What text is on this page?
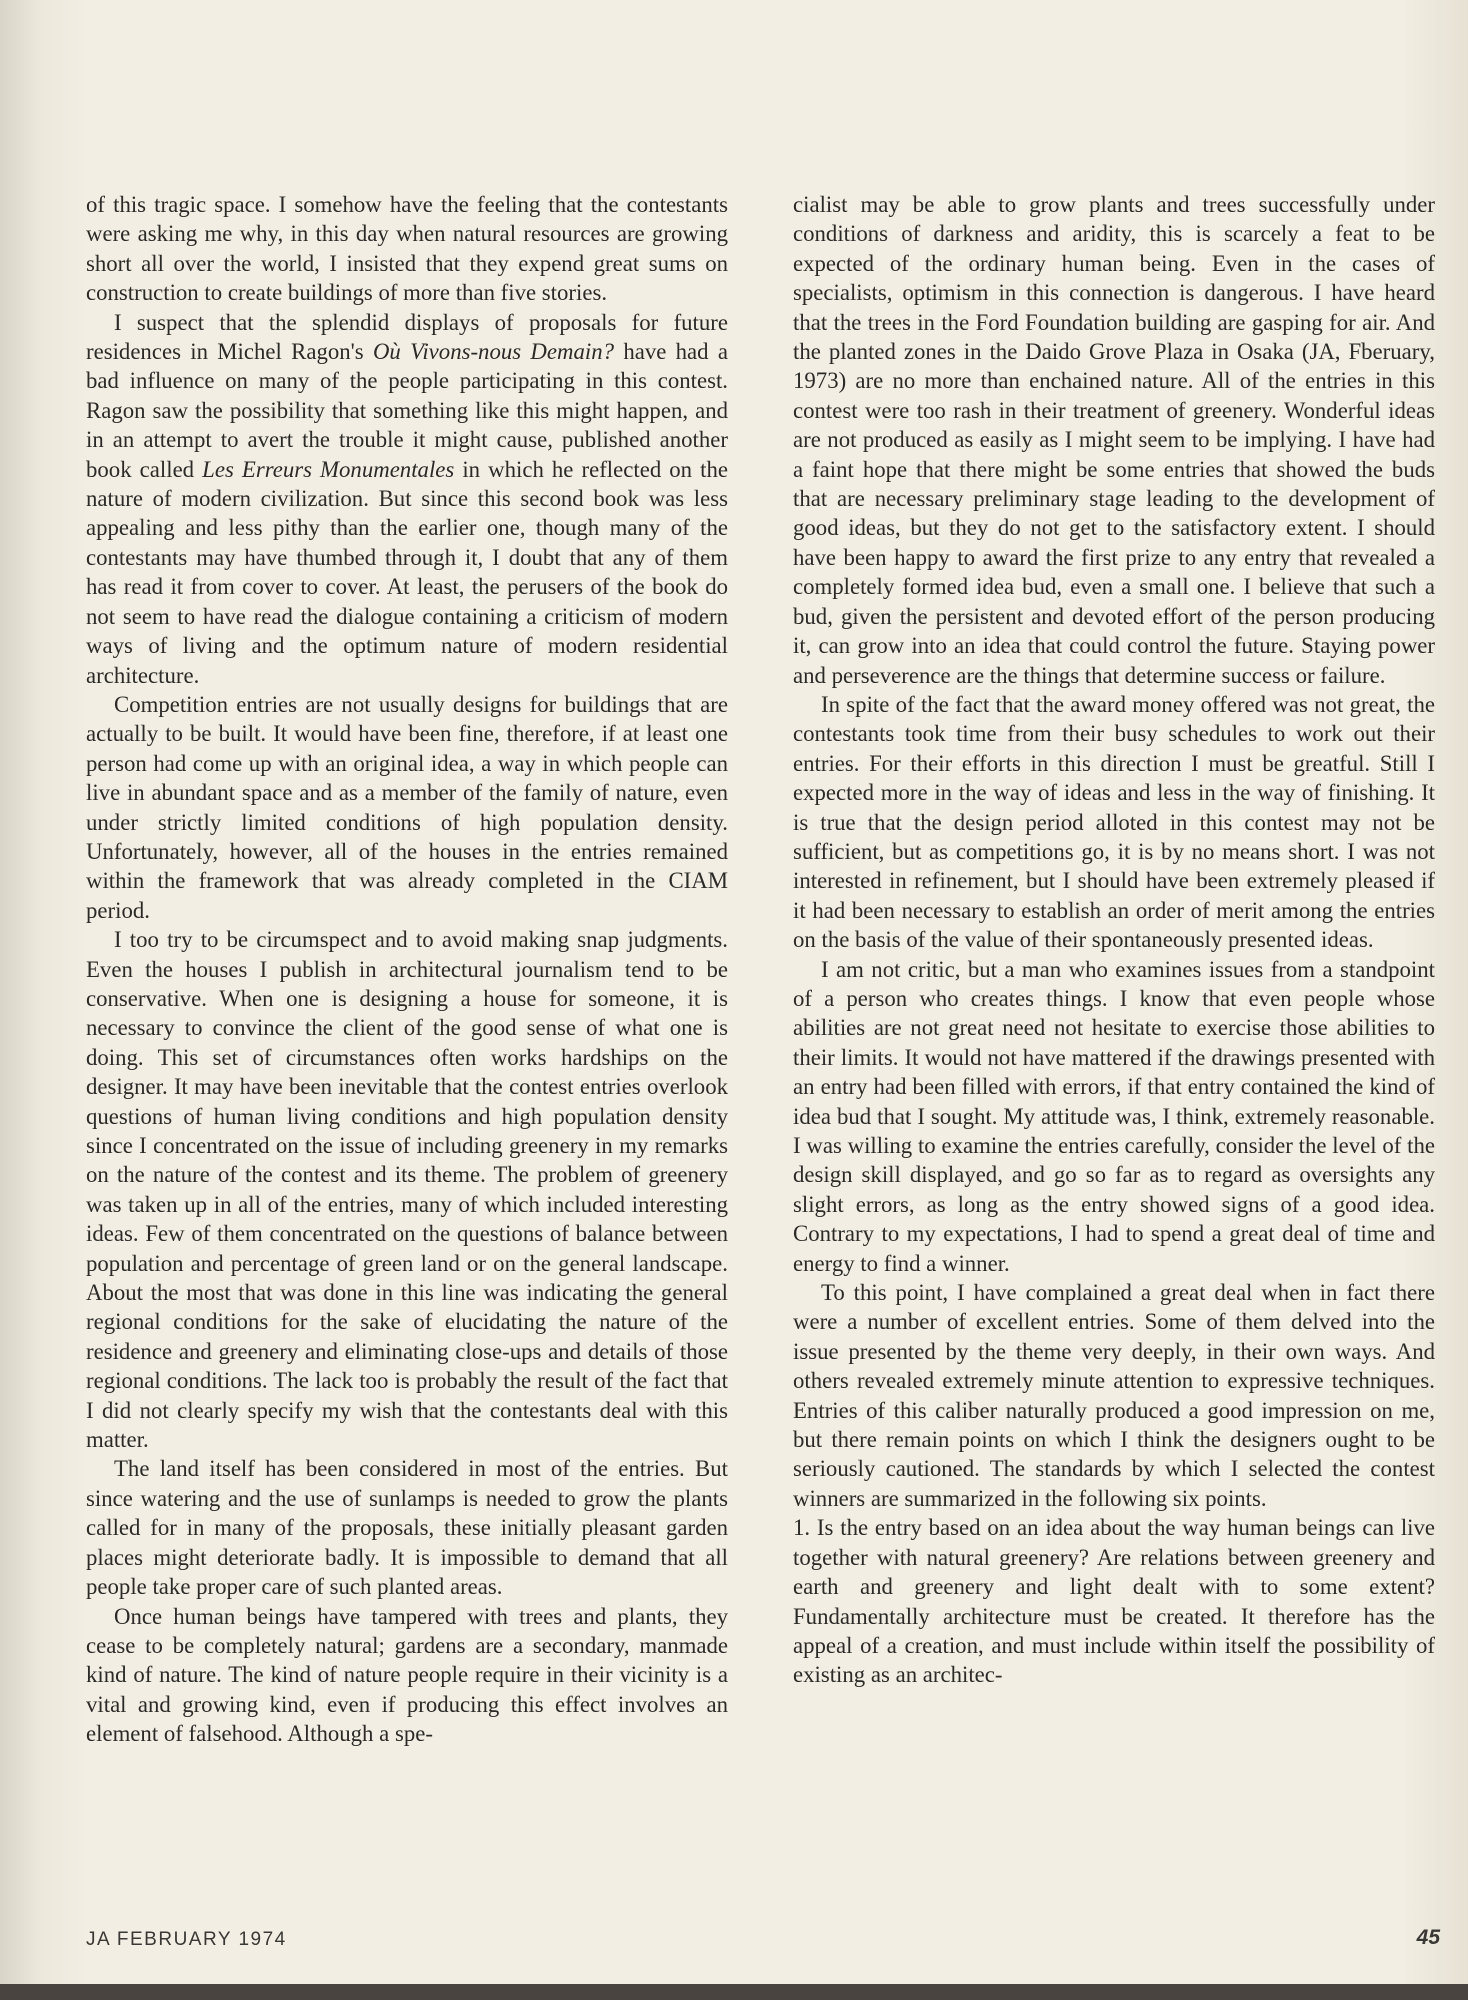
of this tragic space. I somehow have the feeling that the contestants were asking me why, in this day when natural resources are growing short all over the world, I insisted that they expend great sums on construction to create buildings of more than five stories.

I suspect that the splendid displays of proposals for future residences in Michel Ragon's Où Vivons-nous Demain? have had a bad influence on many of the people participating in this contest. Ragon saw the possibility that something like this might happen, and in an attempt to avert the trouble it might cause, published another book called Les Erreurs Monumentales in which he reflected on the nature of modern civilization. But since this second book was less appealing and less pithy than the earlier one, though many of the contestants may have thumbed through it, I doubt that any of them has read it from cover to cover. At least, the perusers of the book do not seem to have read the dialogue containing a criticism of modern ways of living and the optimum nature of modern residential architecture.

Competition entries are not usually designs for buildings that are actually to be built. It would have been fine, therefore, if at least one person had come up with an original idea, a way in which people can live in abundant space and as a member of the family of nature, even under strictly limited conditions of high population density. Unfortunately, however, all of the houses in the entries remained within the framework that was already completed in the CIAM period.

I too try to be circumspect and to avoid making snap judgments. Even the houses I publish in architectural journalism tend to be conservative. When one is designing a house for someone, it is necessary to convince the client of the good sense of what one is doing. This set of circumstances often works hardships on the designer. It may have been inevitable that the contest entries overlook questions of human living conditions and high population density since I concentrated on the issue of including greenery in my remarks on the nature of the contest and its theme. The problem of greenery was taken up in all of the entries, many of which included interesting ideas. Few of them concentrated on the questions of balance between population and percentage of green land or on the general landscape. About the most that was done in this line was indicating the general regional conditions for the sake of elucidating the nature of the residence and greenery and eliminating close-ups and details of those regional conditions. The lack too is probably the result of the fact that I did not clearly specify my wish that the contestants deal with this matter.

The land itself has been considered in most of the entries. But since watering and the use of sunlamps is needed to grow the plants called for in many of the proposals, these initially pleasant garden places might deteriorate badly. It is impossible to demand that all people take proper care of such planted areas.

Once human beings have tampered with trees and plants, they cease to be completely natural; gardens are a secondary, manmade kind of nature. The kind of nature people require in their vicinity is a vital and growing kind, even if producing this effect involves an element of falsehood. Although a spe-

cialist may be able to grow plants and trees successfully under conditions of darkness and aridity, this is scarcely a feat to be expected of the ordinary human being. Even in the cases of specialists, optimism in this connection is dangerous. I have heard that the trees in the Ford Foundation building are gasping for air. And the planted zones in the Daido Grove Plaza in Osaka (JA, Fberuary, 1973) are no more than enchained nature. All of the entries in this contest were too rash in their treatment of greenery. Wonderful ideas are not produced as easily as I might seem to be implying. I have had a faint hope that there might be some entries that showed the buds that are necessary preliminary stage leading to the development of good ideas, but they do not get to the satisfactory extent. I should have been happy to award the first prize to any entry that revealed a completely formed idea bud, even a small one. I believe that such a bud, given the persistent and devoted effort of the person producing it, can grow into an idea that could control the future. Staying power and perseverence are the things that determine success or failure.

In spite of the fact that the award money offered was not great, the contestants took time from their busy schedules to work out their entries. For their efforts in this direction I must be greatful. Still I expected more in the way of ideas and less in the way of finishing. It is true that the design period alloted in this contest may not be sufficient, but as competitions go, it is by no means short. I was not interested in refinement, but I should have been extremely pleased if it had been necessary to establish an order of merit among the entries on the basis of the value of their spontaneously presented ideas.

I am not critic, but a man who examines issues from a standpoint of a person who creates things. I know that even people whose abilities are not great need not hesitate to exercise those abilities to their limits. It would not have mattered if the drawings presented with an entry had been filled with errors, if that entry contained the kind of idea bud that I sought. My attitude was, I think, extremely reasonable. I was willing to examine the entries carefully, consider the level of the design skill displayed, and go so far as to regard as oversights any slight errors, as long as the entry showed signs of a good idea. Contrary to my expectations, I had to spend a great deal of time and energy to find a winner.

To this point, I have complained a great deal when in fact there were a number of excellent entries. Some of them delved into the issue presented by the theme very deeply, in their own ways. And others revealed extremely minute attention to expressive techniques. Entries of this caliber naturally produced a good impression on me, but there remain points on which I think the designers ought to be seriously cautioned. The standards by which I selected the contest winners are summarized in the following six points.

1. Is the entry based on an idea about the way human beings can live together with natural greenery? Are relations between greenery and earth and greenery and light dealt with to some extent? Fundamentally architecture must be created. It therefore has the appeal of a creation, and must include within itself the possibility of existing as an architec-

JA FEBRUARY 1974	45
